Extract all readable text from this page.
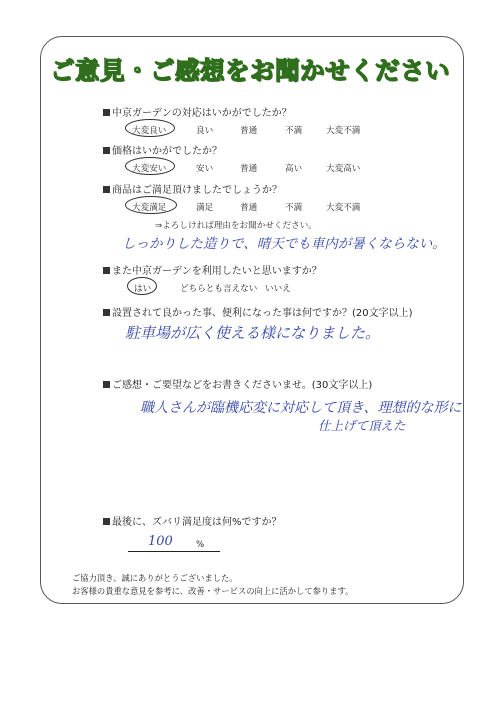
ご意見・ご感想をお聞かせください
中京ガーデンの対応はいかがでしたか？
大変良い	良い	普通	不満	大変不満
価格はいかがでしたか？
大変安い	安い	普通	高い	大変高い
商品はご満足頂けましたでしょうか？
大変満足	満足	普通	不満	大変不満
⇒よろしければ理由をお聞かせください。
しっかりした造りで、晴天でも車内が暑くならない。
また中京ガーデンを利用したいと思いますか？
はい	どちらとも言えない いいえ
設置されて良かった事、便利になった事は何ですか？(20文字以上)
駐車場が広く使える様になりました。
ご感想・ご要望などをお書きくださいませ。(30文字以上)
職人さんが臨機応変に対応して頂き、理想的な形に
仕上げて頂えた
最後に、ズバリ満足度は何%ですか？
100	%
ご協力頂き、誠にありがとうございました。
お客様の貴重な意見を参考に、改善・サービスの向上に活かして参ります。
